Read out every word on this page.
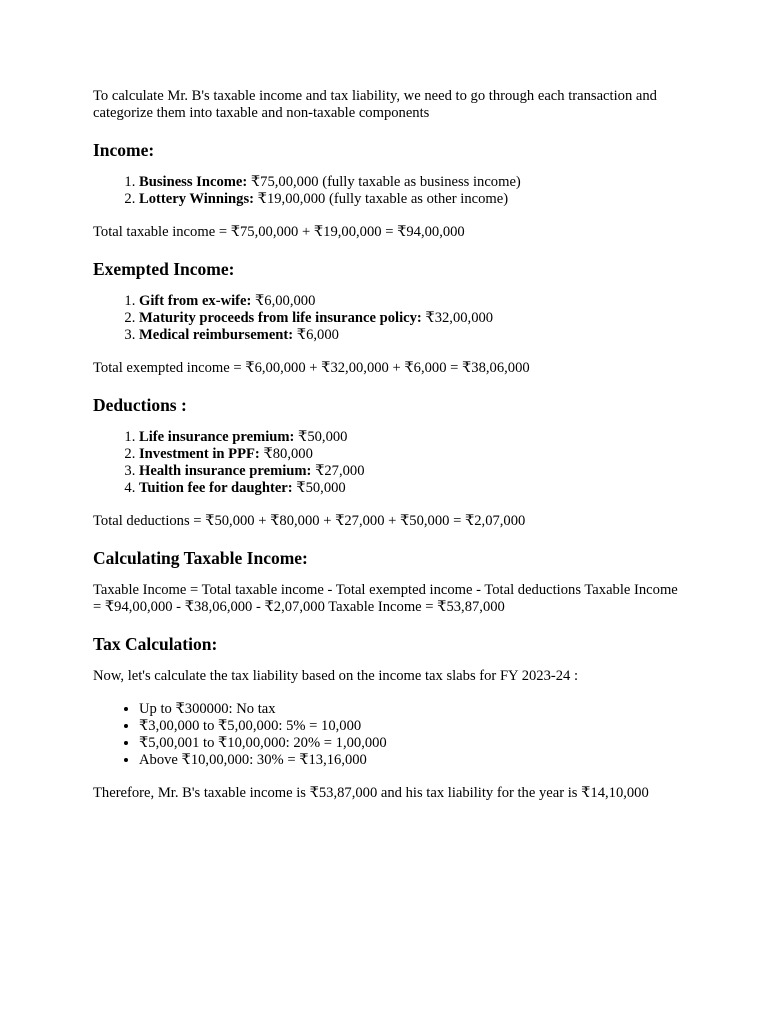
To calculate Mr. B's taxable income and tax liability, we need to go through each transaction and categorize them into taxable and non-taxable components

Income:
1. Business Income: ₹75,00,000 (fully taxable as business income)
2. Lottery Winnings: ₹19,00,000 (fully taxable as other income)

Total taxable income = ₹75,00,000 + ₹19,00,000 = ₹94,00,000

Exempted Income:
1. Gift from ex-wife: ₹6,00,000
2. Maturity proceeds from life insurance policy: ₹32,00,000
3. Medical reimbursement: ₹6,000

Total exempted income = ₹6,00,000 + ₹32,00,000 + ₹6,000 = ₹38,06,000

Deductions :
1. Life insurance premium: ₹50,000
2. Investment in PPF: ₹80,000
3. Health insurance premium: ₹27,000
4. Tuition fee for daughter: ₹50,000

Total deductions = ₹50,000 + ₹80,000 + ₹27,000 + ₹50,000 = ₹2,07,000

Calculating Taxable Income:

Taxable Income = Total taxable income - Total exempted income - Total deductions Taxable Income = ₹94,00,000 - ₹38,06,000 - ₹2,07,000 Taxable Income = ₹53,87,000

Tax Calculation:

Now, let's calculate the tax liability based on the income tax slabs for FY 2023-24 :

• Up to ₹300000: No tax
• ₹3,00,000 to ₹5,00,000: 5% = 10,000
• ₹5,00,001 to ₹10,00,000: 20% = 1,00,000
• Above ₹10,00,000: 30% = ₹13,16,000

Therefore, Mr. B's taxable income is ₹53,87,000 and his tax liability for the year is ₹14,10,000
